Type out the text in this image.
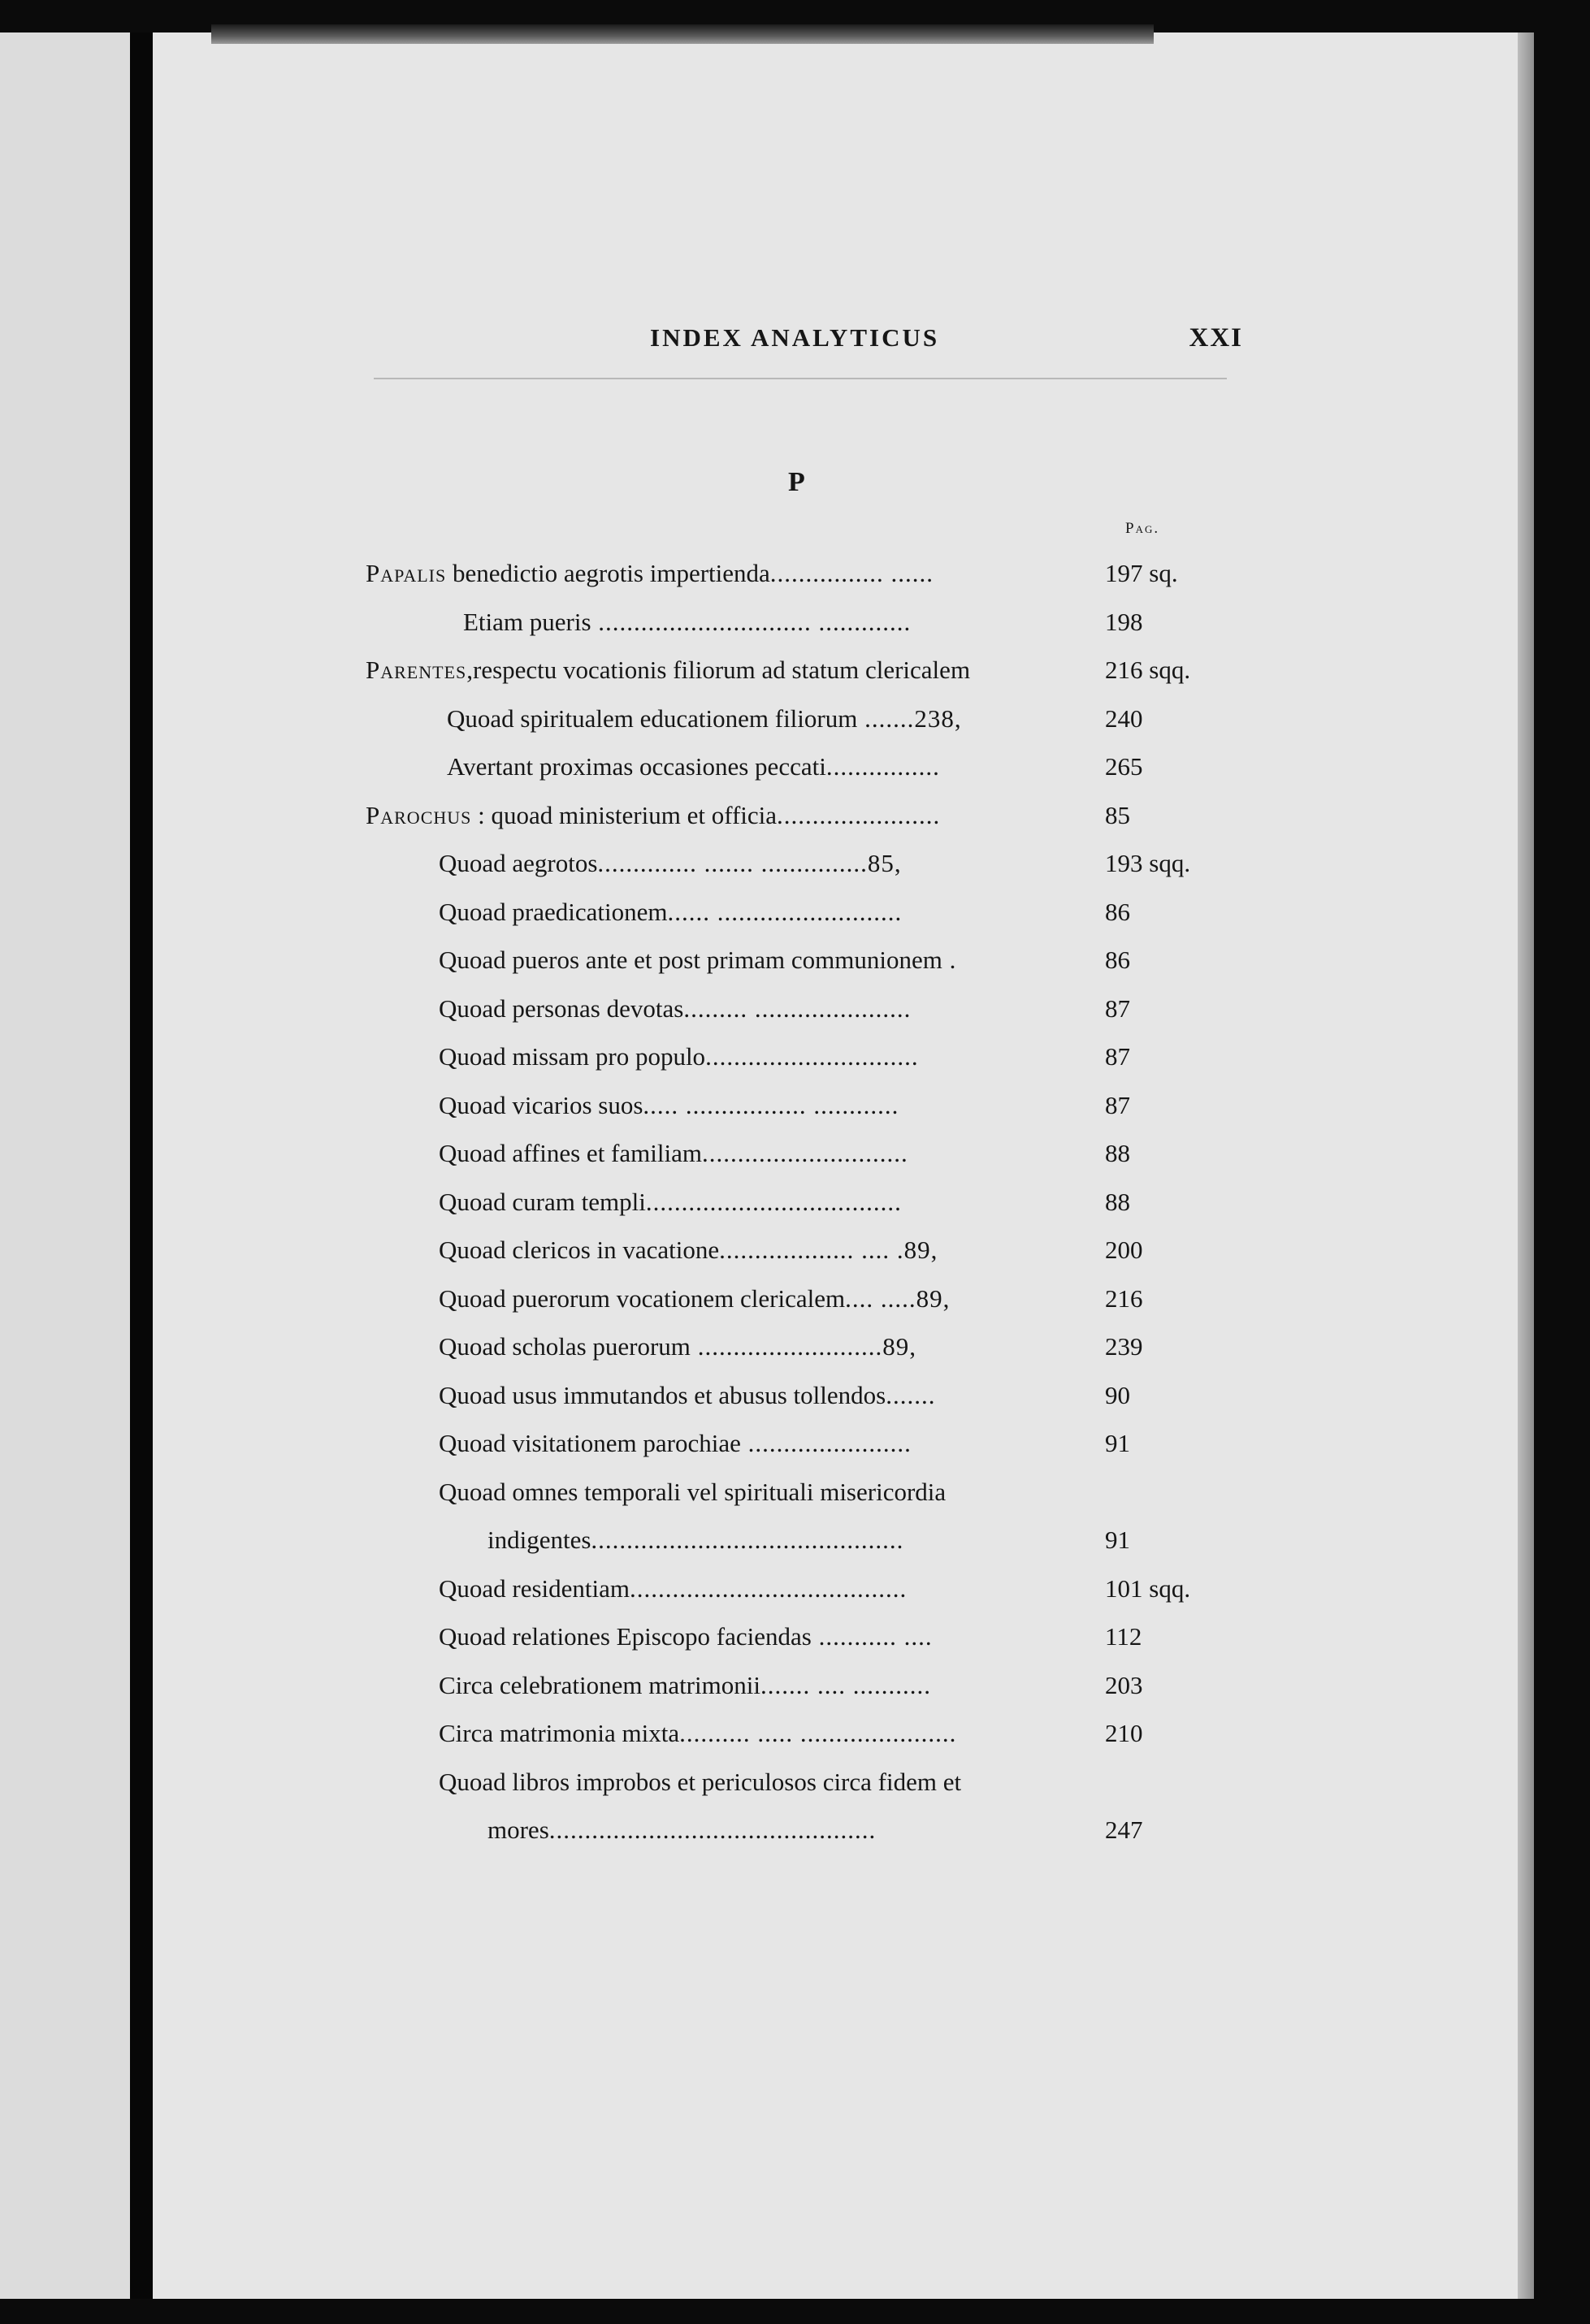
INDEX ANALYTICUS	XXI
P
Pag.
Papalis benedictio aegrotis impertienda................ ......	197 sq.
Etiam pueris .............................. .............	198
Parentes,respectu vocationis filiorum ad statum clericalem	216 sqq.
Quoad spiritualem educationem filiorum .......238,	240
Avertant proximas occasiones peccati................	265
Parochus : quoad ministerium et officia.......................	85
Quoad aegrotos.............. ....... ...............85,	193 sqq.
Quoad praedicationem...... ..........................	86
Quoad pueros ante et post primam communionem .	86
Quoad personas devotas......... ......................	87
Quoad missam pro populo..............................	87
Quoad vicarios suos..... ................. ............	87
Quoad affines et familiam.............................	88
Quoad curam templi....................................	88
Quoad clericos in vacatione................... .... .89,	200
Quoad puerorum vocationem clericalem.... .....89,	216
Quoad scholas puerorum ..........................89,	239
Quoad usus immutandos et abusus tollendos.......	90
Quoad visitationem parochiae .......................	91
Quoad omnes temporali vel spirituali misericordia
indigentes............................................	91
Quoad residentiam.......................................	101 sqq.
Quoad relationes Episcopo faciendas ........... ....	112
Circa celebrationem matrimonii....... .... ...........	203
Circa matrimonia mixta.......... ..... ......................	210
Quoad libros improbos et periculosos circa fidem et
mores..............................................	247
